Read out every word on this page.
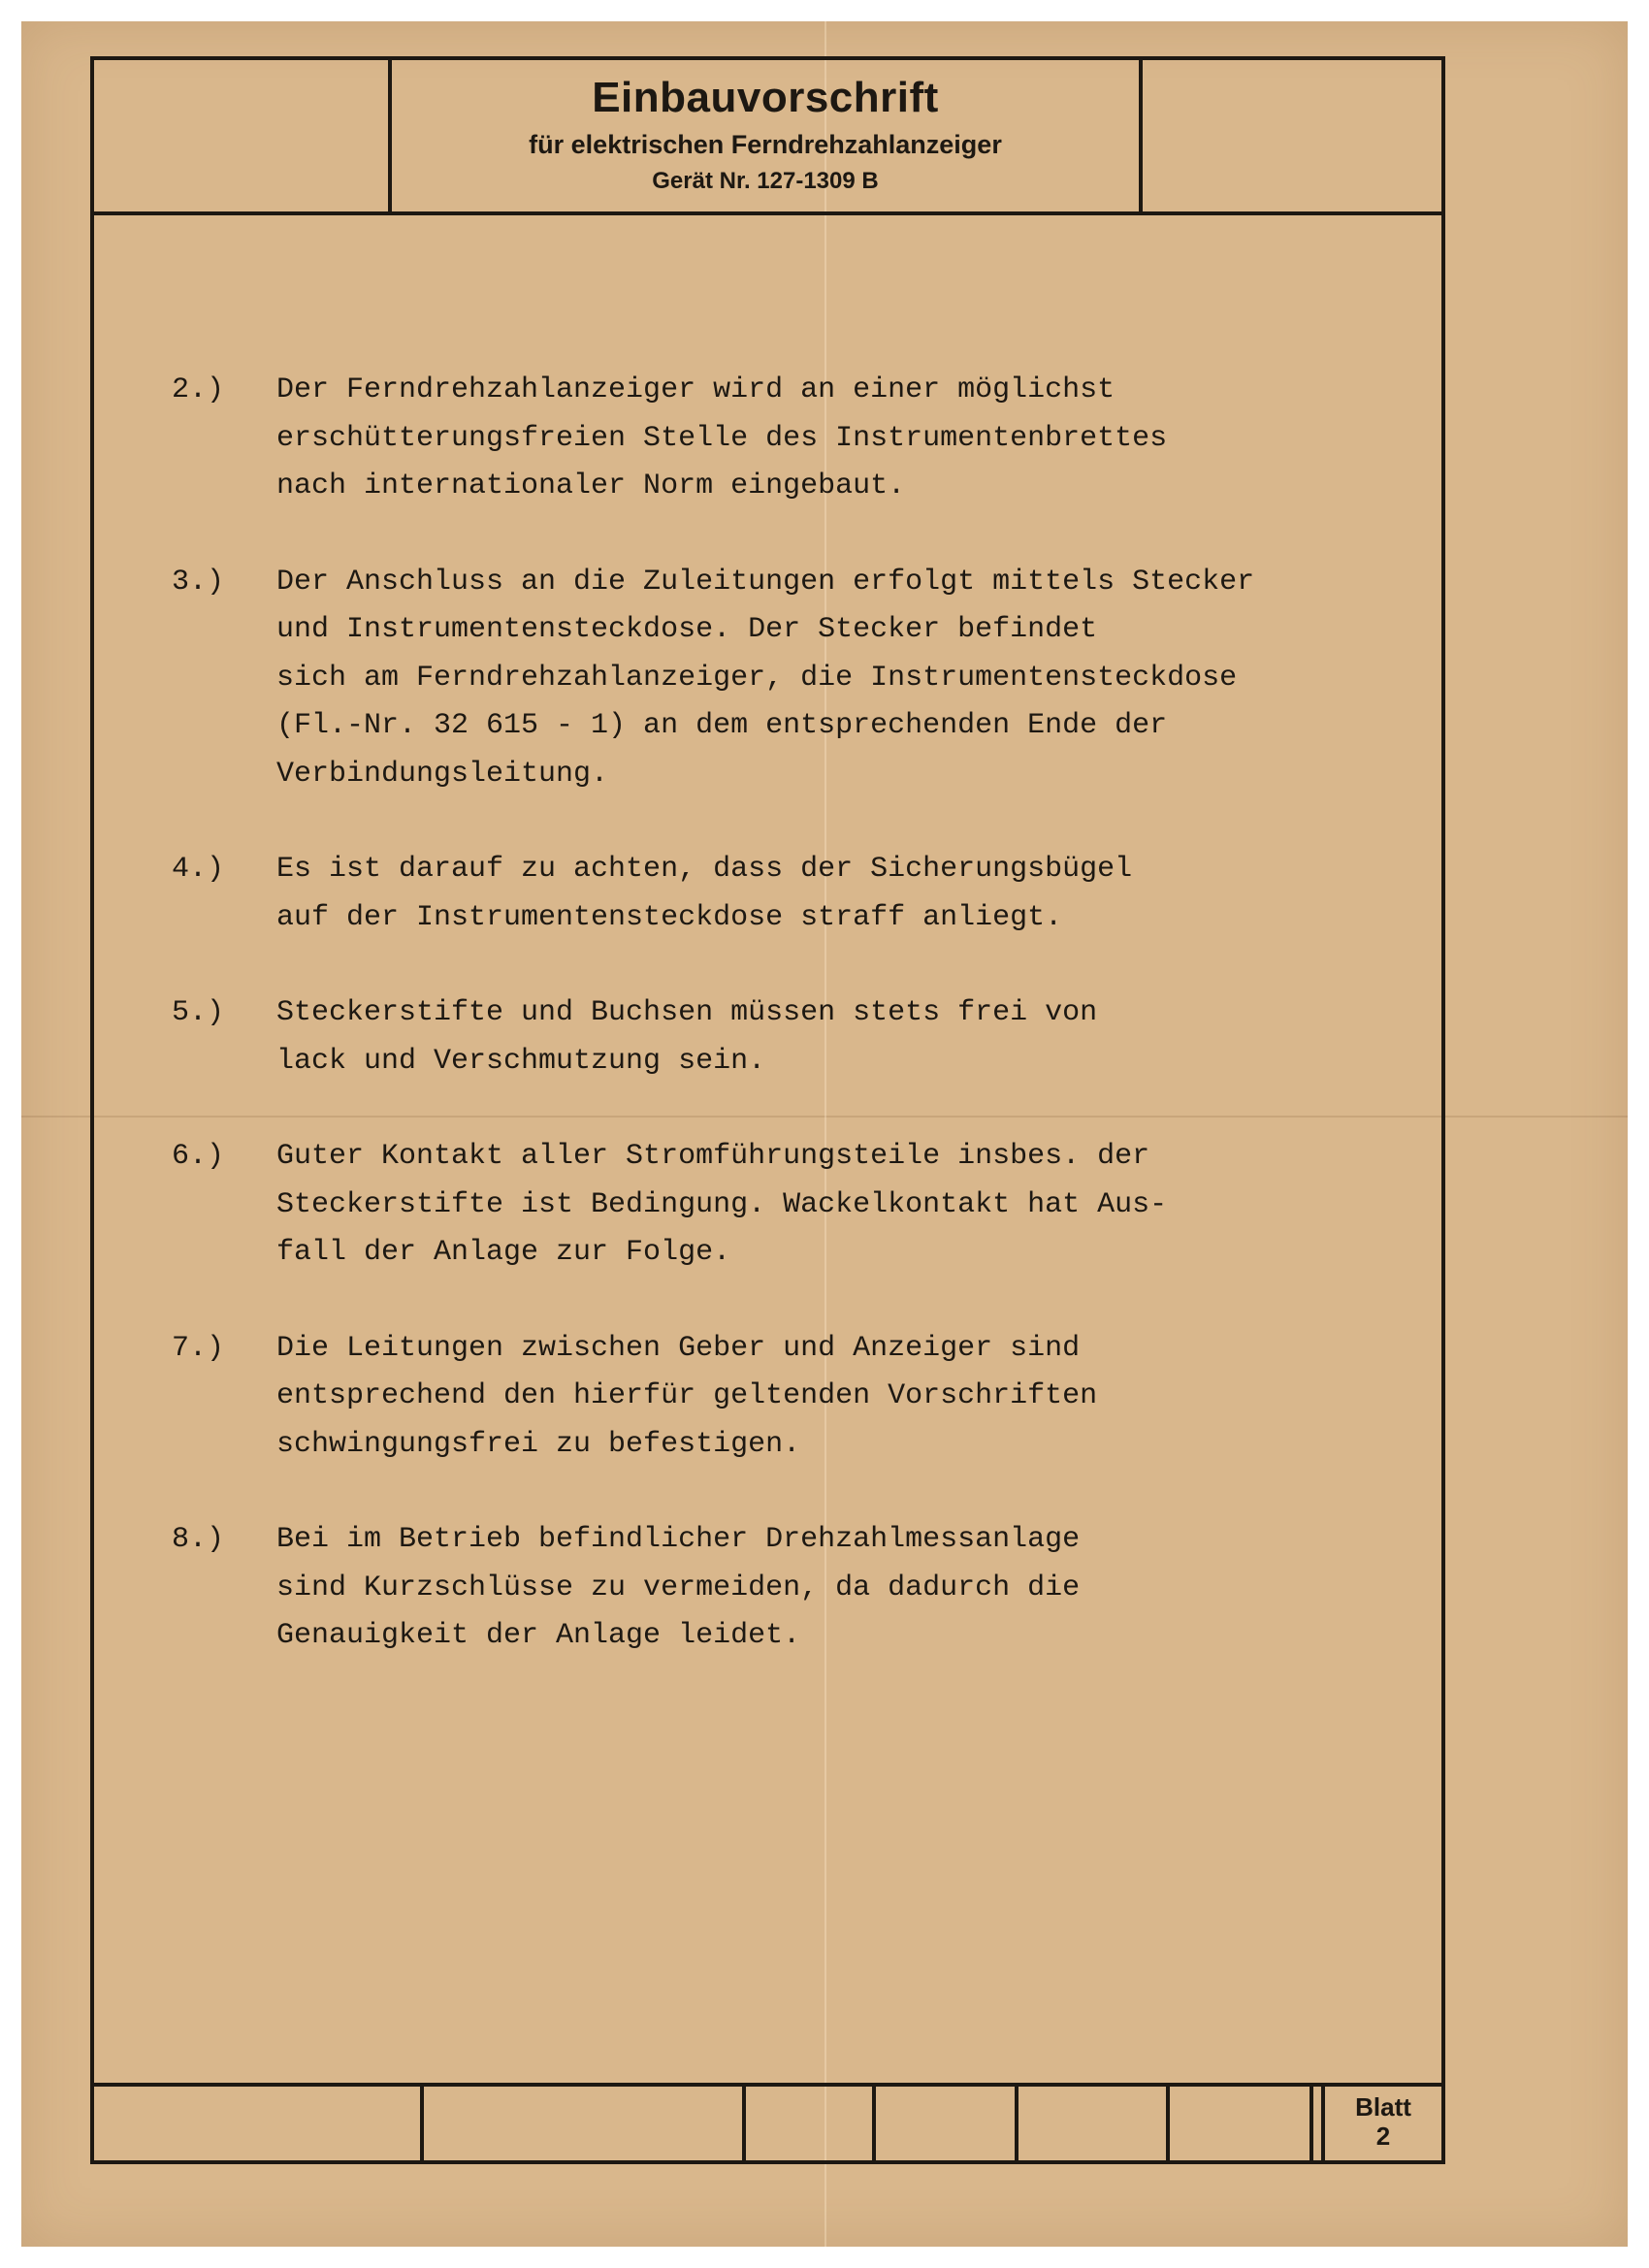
Einbauvorschrift
für elektrischen Ferndrehzahlanzeiger
Gerät Nr. 127-1309 B
2.)	Der Ferndrehzahlanzeiger wird an einer möglichst
erschütterungsfreien Stelle des Instrumentenbrettes
nach internationaler Norm eingebaut.
3.)	Der Anschluss an die Zuleitungen erfolgt mittels Stecker
und Instrumentensteckdose. Der Stecker befindet
sich am Ferndrehzahlanzeiger, die Instrumentensteckdose
(Fl.-Nr. 32 615 - 1) an dem entsprechenden Ende der
Verbindungsleitung.
4.)	Es ist darauf zu achten, dass der Sicherungsbügel
auf der Instrumentensteckdose straff anliegt.
5.)	Steckerstifte und Buchsen müssen stets frei von
lack und Verschmutzung sein.
6.)	Guter Kontakt aller Stromführungsteile insbes. der
Steckerstifte ist Bedingung. Wackelkontakt hat Aus-
fall der Anlage zur Folge.
7.)	Die Leitungen zwischen Geber und Anzeiger sind
entsprechend den hierfür geltenden Vorschriften
schwingungsfrei zu befestigen.
8.)	Bei im Betrieb befindlicher Drehzahlmessanlage
sind Kurzschlüsse zu vermeiden, da dadurch die
Genauigkeit der Anlage leidet.
Blatt
2
